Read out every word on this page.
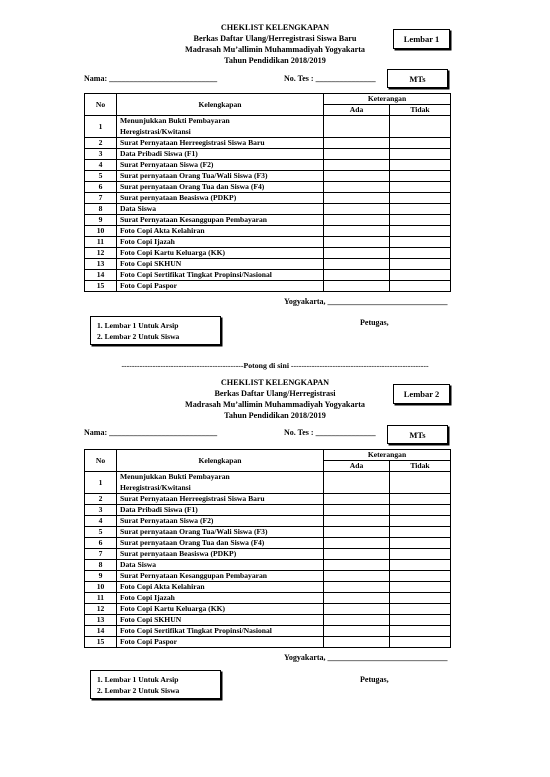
CHEKLIST KELENGKAPAN
Berkas Daftar Ulang/Herregistrasi Siswa Baru
Madrasah Mu’allimin Muhammadiyah Yogyakarta
Tahun Pendidikan 2018/2019
Lembar 1
Nama: ___________________________	No. Tes : _______________	MTs
No	Kelengkapan	Keterangan	
		Ada	Tidak
1	Menunjukkan Bukti Pembayaran
Heregistrasi/Kwitansi		
2	Surat Pernyataan Herreegistrasi Siswa Baru		
3	Data Pribadi Siswa (F1)		
4	Surat Pernyataan Siswa (F2)		
5	Surat pernyataan Orang Tua/Wali Siswa (F3)		
6	Surat pernyataan Orang Tua dan Siswa (F4)		
7	Surat pernyataan Beasiswa (PDKP)		
8	Data Siswa		
9	Surat Pernyataan Kesanggupan Pembayaran		
10	Foto Copi Akta Kelahiran		
11	Foto Copi Ijazah		
12	Foto Copi Kartu Keluarga (KK)		
13	Foto Copi SKHUN		
14	Foto Copi Sertifikat Tingkat Propinsi/Nasional		
15	Foto Copi Paspor		
Yogyakarta, ______________________________
Petugas,
1. Lembar 1 Untuk Arsip
2. Lembar 2 Untuk Siswa
-----------------------------------------------Potong di sini -----------------------------------------------------
CHEKLIST KELENGKAPAN
Berkas Daftar Ulang/Herregistrasi
Madrasah Mu’allimin Muhammadiyah Yogyakarta
Tahun Pendidikan 2018/2019
Lembar 2
Nama: ___________________________	No. Tes : _______________	MTs
No	Kelengkapan	Keterangan	
		Ada	Tidak
1	Menunjukkan Bukti Pembayaran
Heregistrasi/Kwitansi		
2	Surat Pernyataan Herreegistrasi Siswa Baru		
3	Data Pribadi Siswa (F1)		
4	Surat Pernyataan Siswa (F2)		
5	Surat pernyataan Orang Tua/Wali Siswa (F3)		
6	Surat pernyataan Orang Tua dan Siswa (F4)		
7	Surat pernyataan Beasiswa (PDKP)		
8	Data Siswa		
9	Surat Pernyataan Kesanggupan Pembayaran		
10	Foto Copi Akta Kelahiran		
11	Foto Copi Ijazah		
12	Foto Copi Kartu Keluarga (KK)		
13	Foto Copi SKHUN		
14	Foto Copi Sertifikat Tingkat Propinsi/Nasional		
15	Foto Copi Paspor		
Yogyakarta, ______________________________
Petugas,
1. Lembar 1 Untuk Arsip
2. Lembar 2 Untuk Siswa
